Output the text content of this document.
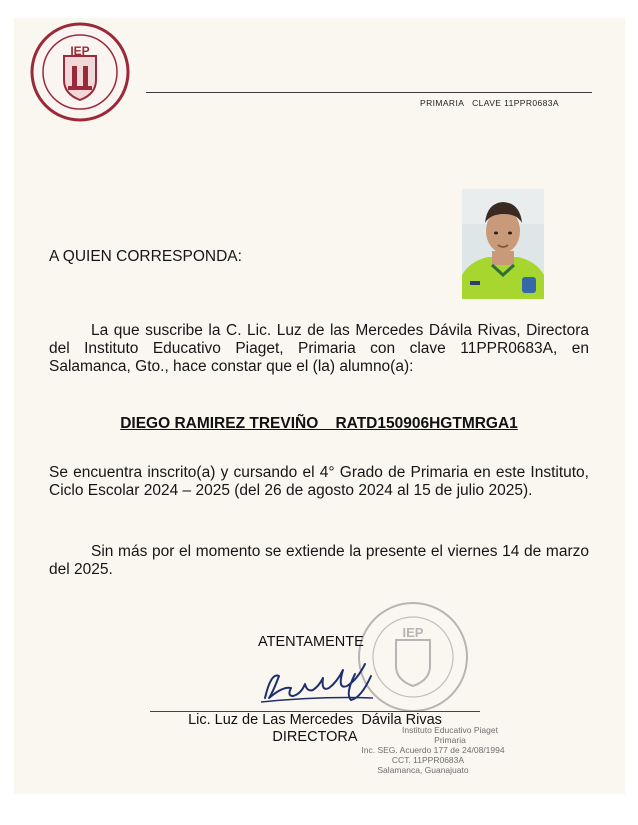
IEP
PRIMARIA   CLAVE 11PPR0683A
A QUIEN CORRESPONDA:
La que suscribe la C. Lic. Luz de las Mercedes Dávila Rivas, Directora del Instituto Educativo Piaget, Primaria con clave 11PPR0683A, en Salamanca, Gto., hace constar que el (la) alumno(a):
DIEGO RAMIREZ TREVIÑO    RATD150906HGTMRGA1
Se encuentra inscrito(a) y cursando el 4° Grado de Primaria en este Instituto, Ciclo Escolar 2024 – 2025 (del 26 de agosto 2024 al 15 de julio 2025).
Sin más por el momento se extiende la presente el viernes 14 de marzo del 2025.
IEP
ATENTAMENTE
Lic. Luz de Las Mercedes  Dávila Rivas
DIRECTORA	Instituto Educativo Piaget
Primaria
Inc. SEG. Acuerdo 177 de 24/08/1994
CCT. 11PPR0683A
Salamanca, Guanajuato
